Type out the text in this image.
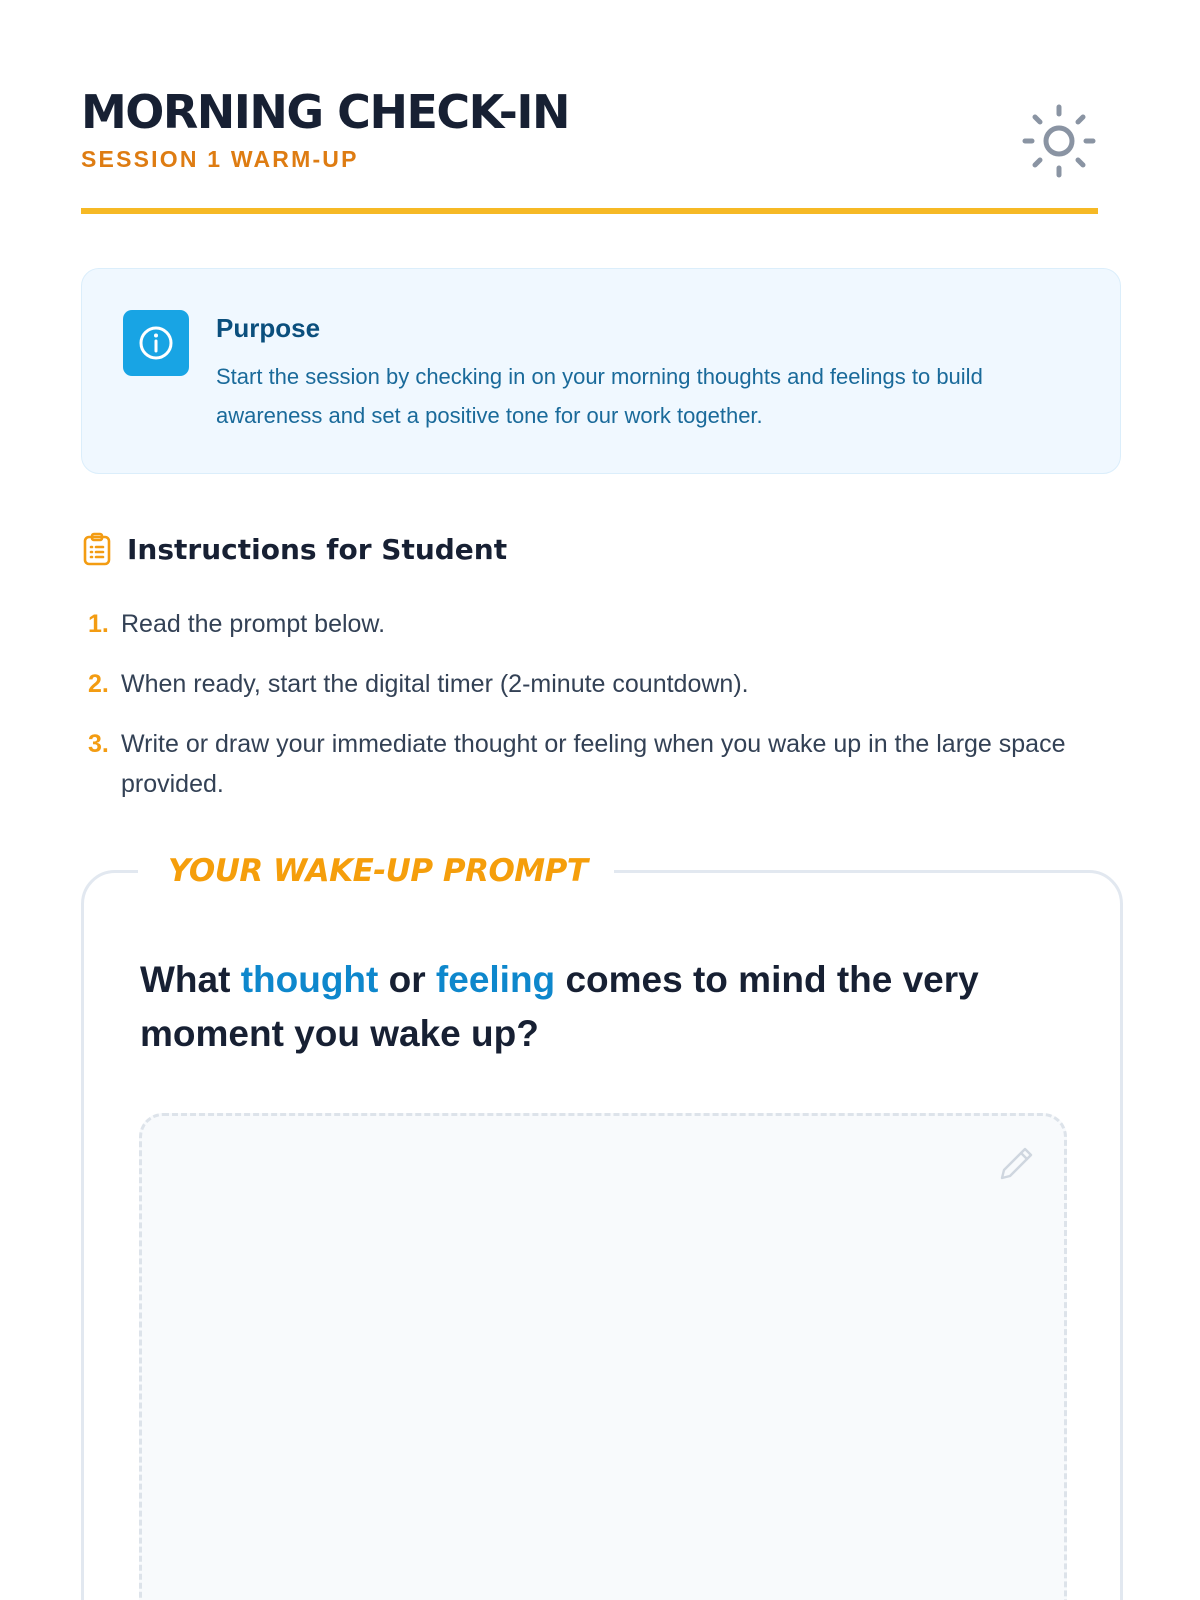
MORNING CHECK-IN
SESSION 1 WARM-UP
Purpose

Start the session by checking in on your morning thoughts and feelings to build awareness and set a positive tone for our work together.

Instructions for Student
1. Read the prompt below.
2. When ready, start the digital timer (2-minute countdown).
3. Write or draw your immediate thought or feeling when you wake up in the large space provided.
YOUR WAKE-UP PROMPT
What thought or feeling comes to mind the very moment you wake up?
